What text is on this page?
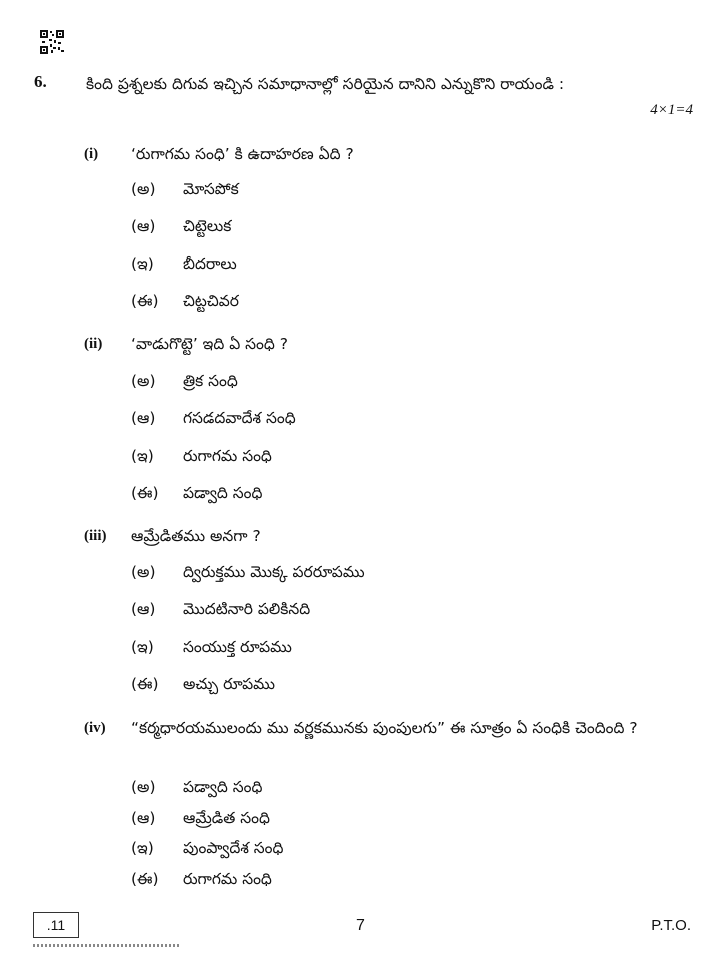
6.	కింది ప్రశ్నలకు దిగువ ఇచ్చిన సమాధానాల్లో సరియైన దానిని ఎన్నుకొని రాయండి :
4×1=4
(i) ‘రుగాగమ సంధి’ కి ఉదాహరణ ఏది ?
(అ) మోసపోక
(ఆ) చిట్టెలుక
(ఇ) బీదరాలు
(ఈ) చిట్టచివర
(ii) ‘వాడుగొట్టె’ ఇది ఏ సంధి ?
(అ) త్రిక సంధి
(ఆ) గసడదవాదేశ సంధి
(ఇ) రుగాగమ సంధి
(ఈ) పడ్వాది సంధి
(iii) ఆమ్రేడితము అనగా ?
(అ) ద్విరుక్తము మొక్క పరరూపము
(ఆ) మొదటినారి పలికినది
(ఇ) సంయుక్త రూపము
(ఈ) అచ్చు రూపము
(iv) “కర్మధారయములందు ము వర్ణకమునకు పుంపులగు” ఈ సూత్రం ఏ సంధికి చెందింది ?
(అ) పడ్వాది సంధి
(ఆ) ఆమ్రేడిత సంధి
(ఇ) పుంప్వాదేశ సంధి
(ఈ) రుగాగమ సంధి
.11	7	P.T.O.
